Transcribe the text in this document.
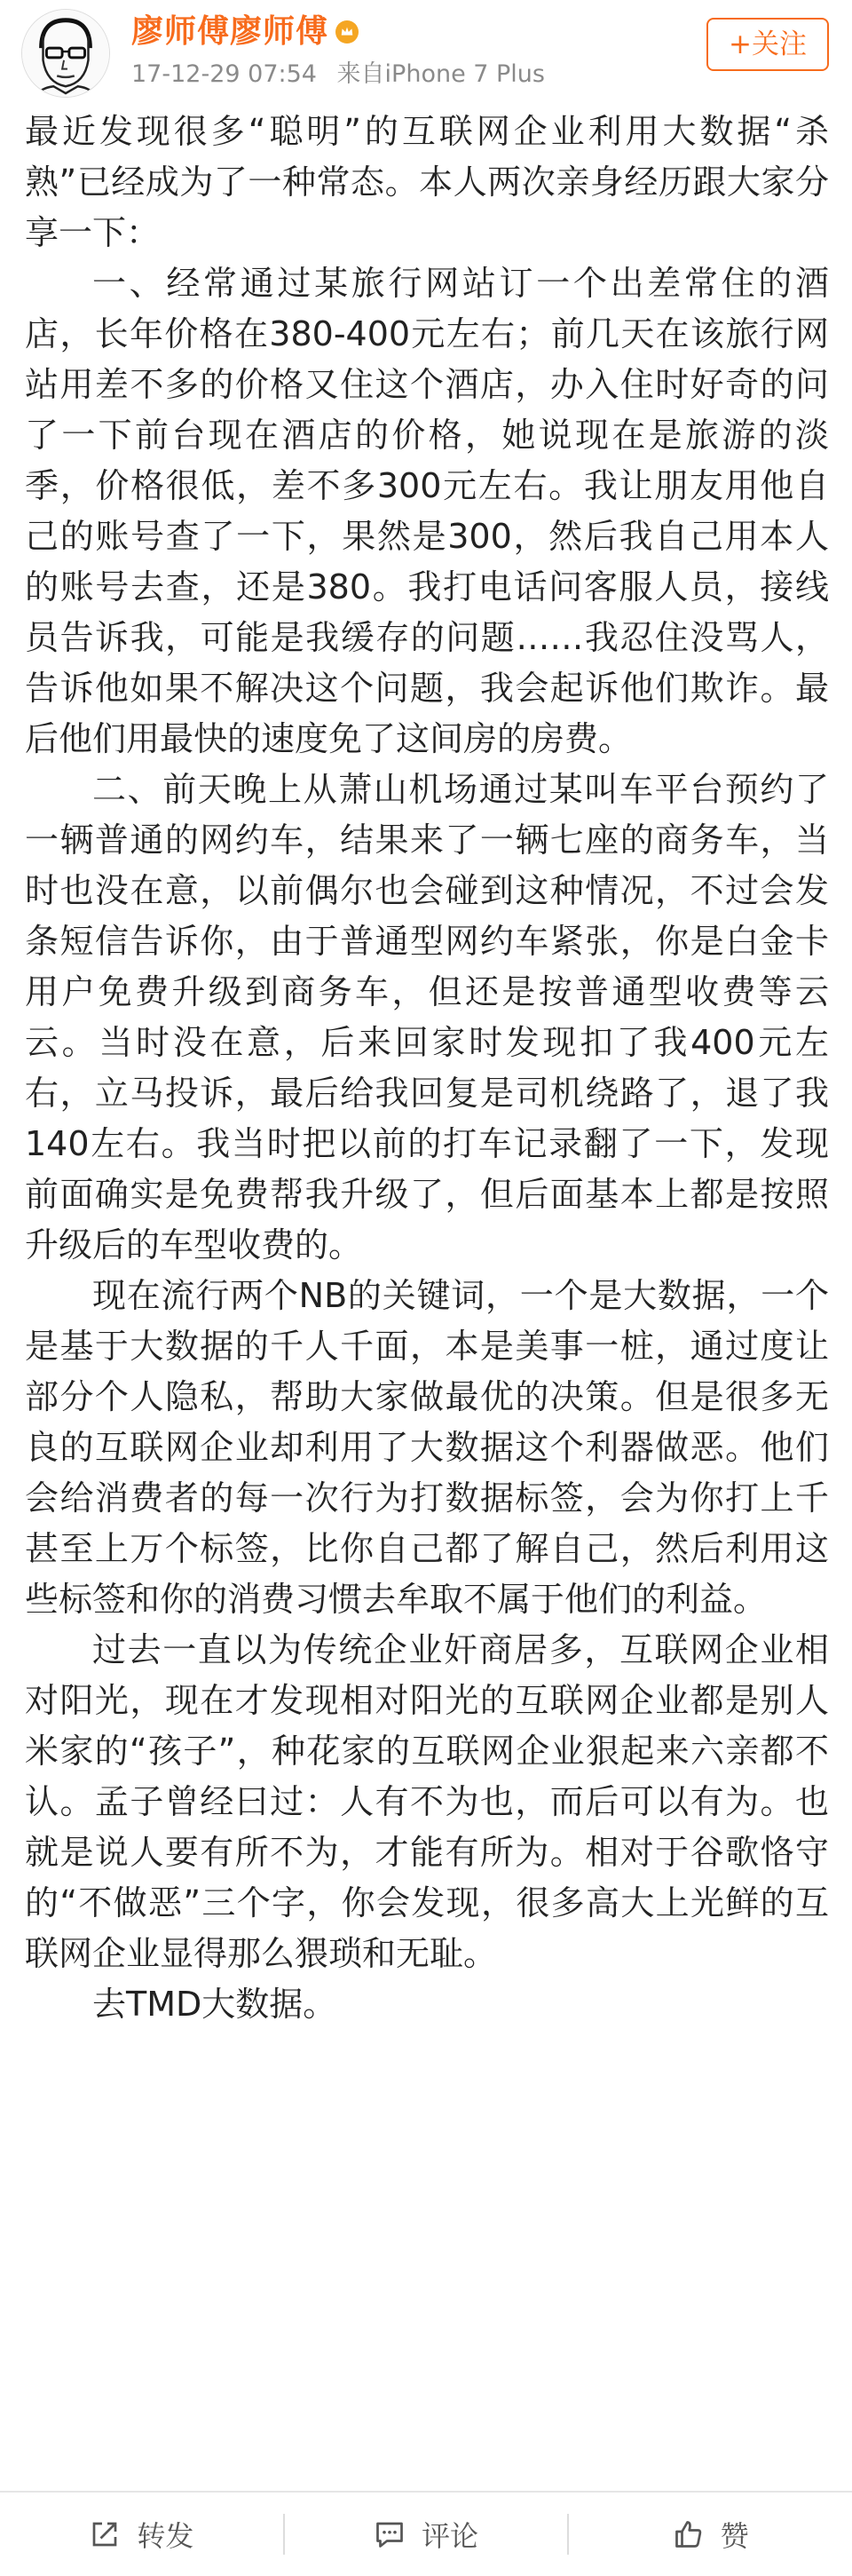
廖师傅廖师傅
17-12-29 07:54 来自iPhone 7 Plus
+关注

最近发现很多“聪明”的互联网企业利用大数据“杀熟”已经成为了一种常态。本人两次亲身经历跟大家分享一下：

一、经常通过某旅行网站订一个出差常住的酒店，长年价格在380-400元左右；前几天在该旅行网站用差不多的价格又住这个酒店，办入住时好奇的问了一下前台现在酒店的价格，她说现在是旅游的淡季，价格很低，差不多300元左右。我让朋友用他自己的账号查了一下，果然是300，然后我自己用本人的账号去查，还是380。我打电话问客服人员，接线员告诉我，可能是我缓存的问题……我忍住没骂人，告诉他如果不解决这个问题，我会起诉他们欺诈。最后他们用最快的速度免了这间房的房费。

二、前天晚上从萧山机场通过某叫车平台预约了一辆普通的网约车，结果来了一辆七座的商务车，当时也没在意，以前偶尔也会碰到这种情况，不过会发条短信告诉你，由于普通型网约车紧张，你是白金卡用户免费升级到商务车，但还是按普通型收费等云云。当时没在意，后来回家时发现扣了我400元左右，立马投诉，最后给我回复是司机绕路了，退了我140左右。我当时把以前的打车记录翻了一下，发现前面确实是免费帮我升级了，但后面基本上都是按照升级后的车型收费的。

现在流行两个NB的关键词，一个是大数据，一个是基于大数据的千人千面，本是美事一桩，通过度让部分个人隐私，帮助大家做最优的决策。但是很多无良的互联网企业却利用了大数据这个利器做恶。他们会给消费者的每一次行为打数据标签，会为你打上千甚至上万个标签，比你自己都了解自己，然后利用这些标签和你的消费习惯去牟取不属于他们的利益。

过去一直以为传统企业奸商居多，互联网企业相对阳光，现在才发现相对阳光的互联网企业都是别人米家的“孩子”，种花家的互联网企业狠起来六亲都不认。孟子曾经曰过：人有不为也，而后可以有为。也就是说人要有所不为，才能有所为。相对于谷歌恪守的“不做恶”三个字，你会发现，很多高大上光鲜的互联网企业显得那么猥琐和无耻。

去TMD大数据。

转发	评论	赞
